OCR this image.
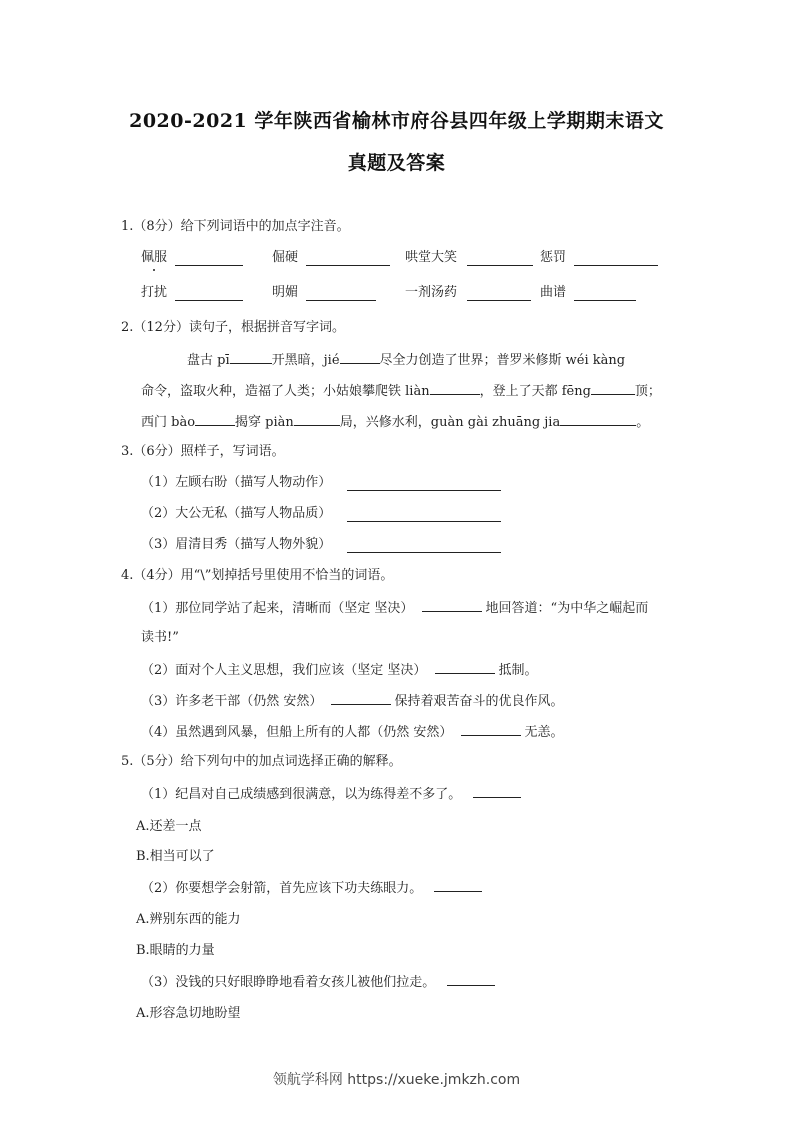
2020-2021 学年陕西省榆林市府谷县四年级上学期期末语文
真题及答案
1.（8分）给下列词语中的加点字注音。
佩服	倔硬	哄堂大笑	惩罚
打扰	明媚	一剂汤药	曲谱
2.（12分）读句子，根据拼音写字词。
盘古 pī	开黑暗，jié	尽全力创造了世界；普罗米修斯 wéi kàng
命令，盗取火种，造福了人类；小姑娘攀爬铁 liàn	，登上了天都 fēng	顶；
西门 bào	揭穿 piàn	局，兴修水利，guàn gài zhuāng jia	。
3.（6分）照样子，写词语。
（1）左顾右盼（描写人物动作）
（2）大公无私（描写人物品质）
（3）眉清目秀（描写人物外貌）
4.（4分）用“\”划掉括号里使用不恰当的词语。
（1）那位同学站了起来，清晰而（坚定 坚决）	地回答道：“为中华之崛起而
读书!”
（2）面对个人主义思想，我们应该（坚定 坚决）	抵制。
（3）许多老干部（仍然 安然）	保持着艰苦奋斗的优良作风。
（4）虽然遇到风暴，但船上所有的人都（仍然 安然）	无恙。
5.（5分）给下列句中的加点词选择正确的解释。
（1）纪昌对自己成绩感到很满意，以为练得差不多了。
A.还差一点
B.相当可以了
（2）你要想学会射箭，首先应该下功夫练眼力。
A.辨别东西的能力
B.眼睛的力量
（3）没钱的只好眼睁睁地看着女孩儿被他们拉走。
A.形容急切地盼望
领航学科网 https://xueke.jmkzh.com
